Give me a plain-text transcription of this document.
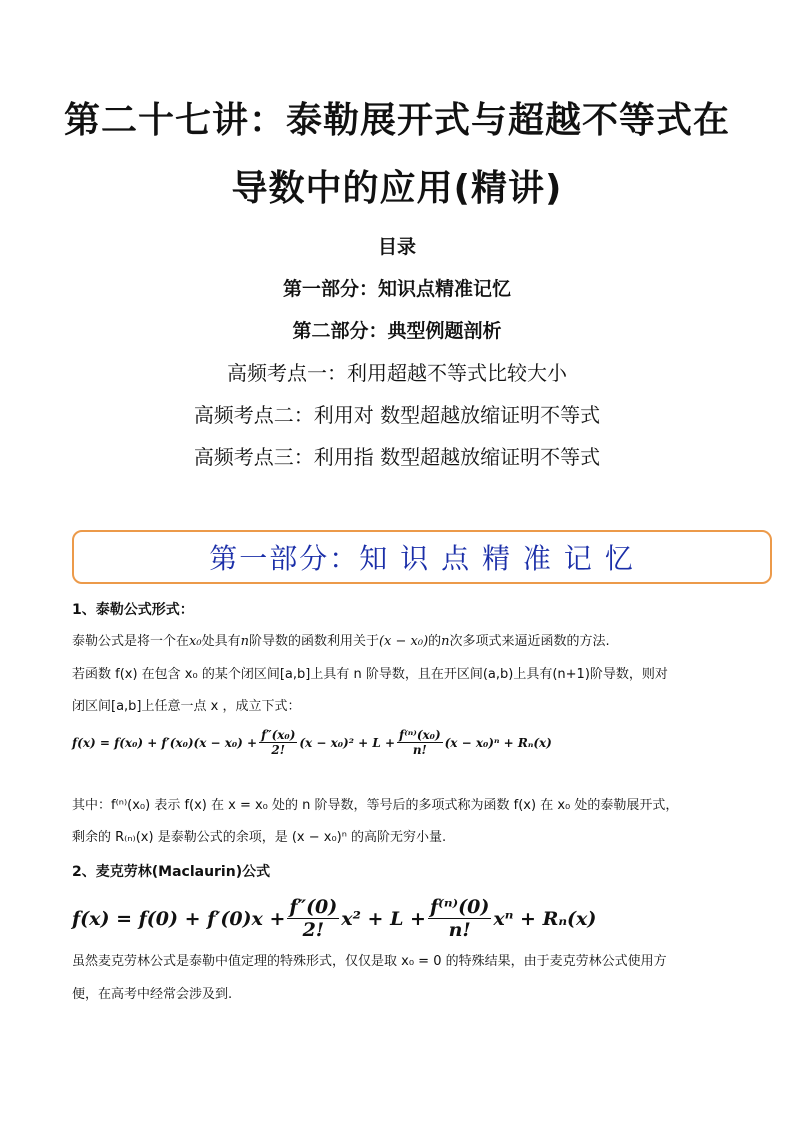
第二十七讲：泰勒展开式与超越不等式在
导数中的应用(精讲)
目录
第一部分：知识点精准记忆
第二部分：典型例题剖析
高频考点一：利用超越不等式比较大小
高频考点二：利用对 数型超越放缩证明不等式
高频考点三：利用指 数型超越放缩证明不等式
第一部分：知 识 点 精 准 记 忆
1、泰勒公式形式：
泰勒公式是将一个在x₀处具有n阶导数的函数利用关于(x − x₀)的n次多项式来逼近函数的方法.
若函数 f(x) 在包含 x₀ 的某个闭区间[a,b]上具有 n 阶导数，且在开区间(a,b)上具有(n+1)阶导数，则对
闭区间[a,b]上任意一点 x ，成立下式：
$f(x) = f(x_0) + f'(x_0)(x - x_0) + \frac{\text{f″(x₀)}}{2!} (x - x_0)^2 + L + \frac{\text{f⁽ⁿ⁾(x₀)}}{n!} (x - x_0)^n + R_n(x)$
其中：f⁽ⁿ⁾(x₀) 表示 f(x) 在 x = x₀ 处的 n 阶导数，等号后的多项式称为函数 f(x) 在 x₀ 处的泰勒展开式，
剩余的 R₍ₙ₎(x) 是泰勒公式的余项，是 (x − x₀)ⁿ 的高阶无穷小量.
2、麦克劳林(Maclaurin)公式
$f(x) = f(0) + f'(0)x + \frac{f''(0)}{2!} x^2 + L + \frac{\text{f⁽ⁿ⁾(0)}}{n!}$ xⁿ + Rₙ(x)
虽然麦克劳林公式是泰勒中值定理的特殊形式，仅仅是取 x₀ = 0 的特殊结果，由于麦克劳林公式使用方
便，在高考中经常会涉及到.
